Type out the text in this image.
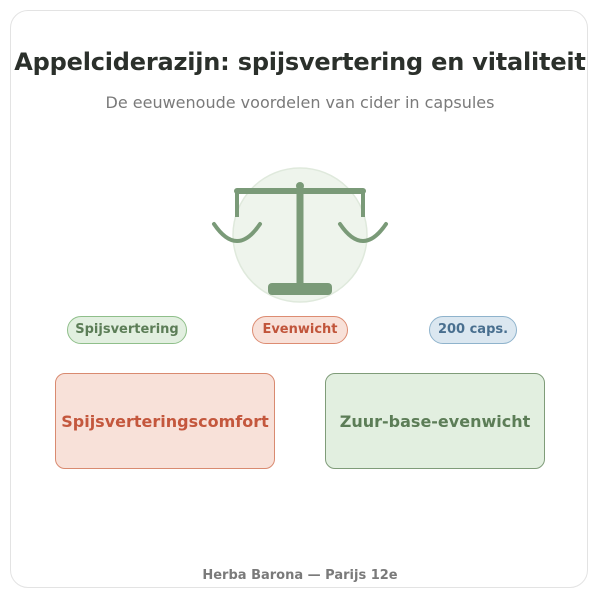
Appelciderazijn: spijsvertering en vitaliteit
De eeuwenoude voordelen van cider in capsules
Spijsvertering	Evenwicht	200 caps.
Spijsverteringscomfort	Zuur-base-evenwicht
Herba Barona — Parijs 12e
